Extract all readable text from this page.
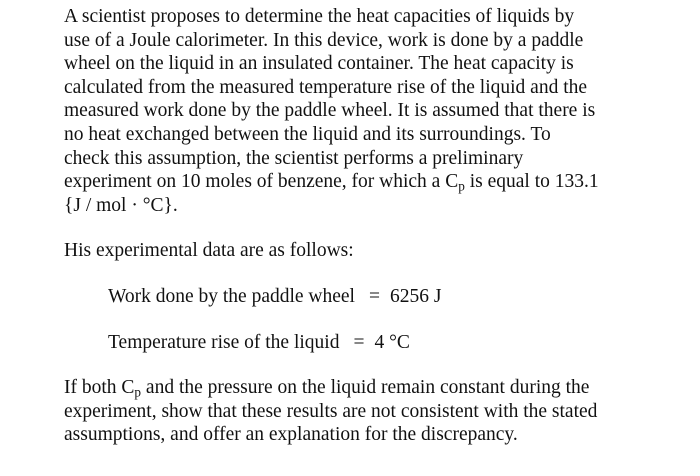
A scientist proposes to determine the heat capacities of liquids by
use of a Joule calorimeter. In this device, work is done by a paddle
wheel on the liquid in an insulated container. The heat capacity is
calculated from the measured temperature rise of the liquid and the
measured work done by the paddle wheel. It is assumed that there is
no heat exchanged between the liquid and its surroundings. To
check this assumption, the scientist performs a preliminary
experiment on 10 moles of benzene, for which a $C_p$ is equal to 133.1
{J / mol · °C}.
His experimental data are as follows:
Work done by the paddle wheel = 6256 J
Temperature rise of the liquid = 4 °C
If both $C_p$ and the pressure on the liquid remain constant during the
experiment, show that these results are not consistent with the stated
assumptions, and offer an explanation for the discrepancy.
